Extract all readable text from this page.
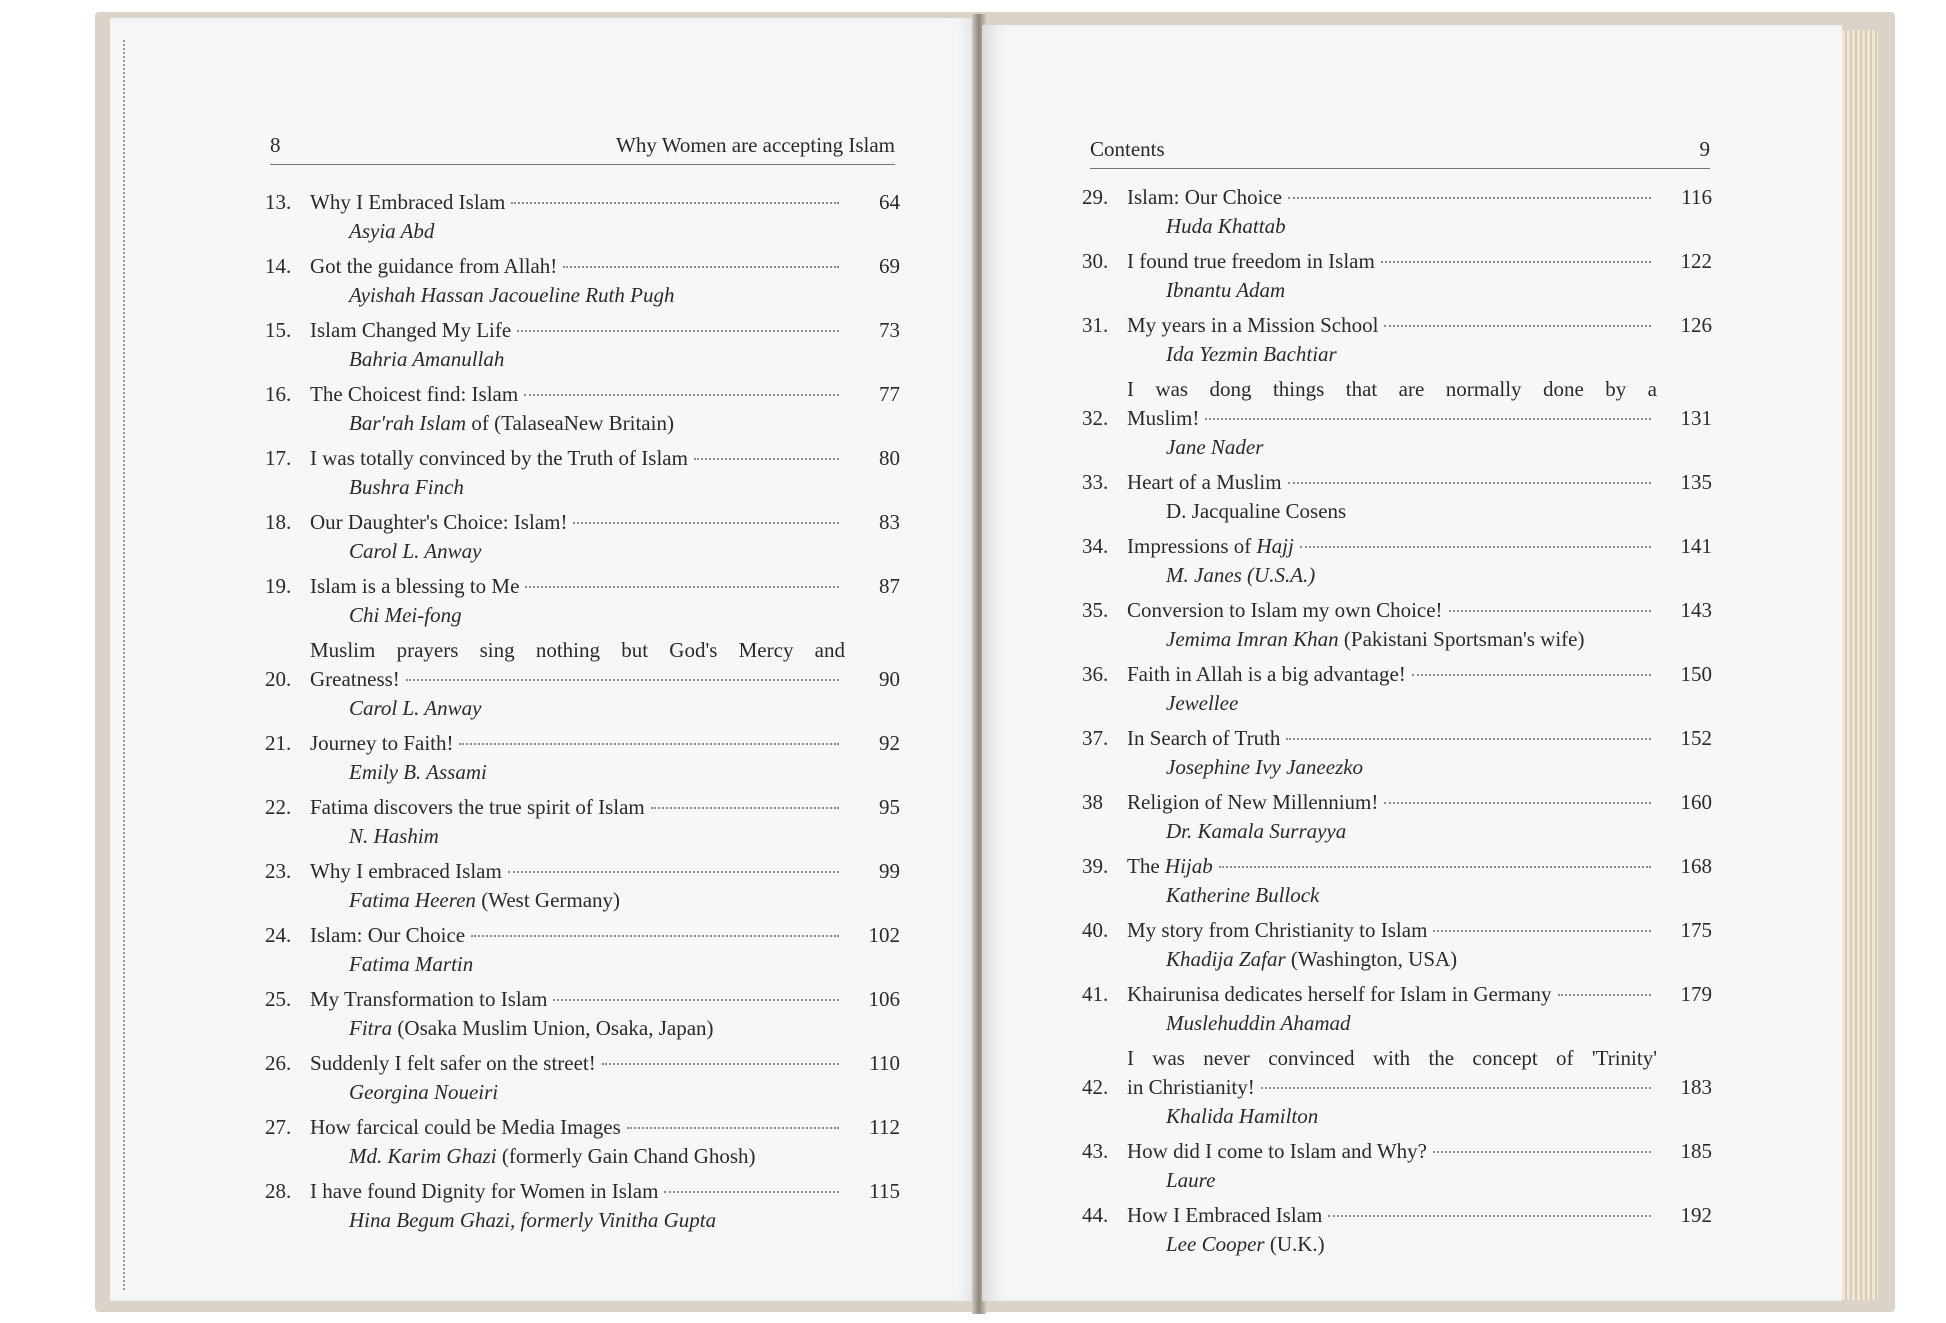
8	Why Women are accepting Islam
13. Why I Embraced Islam	64
Asyia Abd
14. Got the guidance from Allah!	69
Ayishah Hassan Jacoueline Ruth Pugh
15. Islam Changed My Life	73
Bahria Amanullah
16. The Choicest find: Islam	77
Bar'rah Islam of (TalaseaNew Britain)
17. I was totally convinced by the Truth of Islam	80
Bushra Finch
18. Our Daughter's Choice: Islam!	83
Carol L. Anway
19. Islam is a blessing to Me	87
Chi Mei-fong
20.
Muslim prayers sing nothing but God's Mercy and
Greatness!	90
Carol L. Anway
21. Journey to Faith!	92
Emily B. Assami
22. Fatima discovers the true spirit of Islam	95
N. Hashim
23. Why I embraced Islam	99
Fatima Heeren (West Germany)
24. Islam: Our Choice	102
Fatima Martin
25. My Transformation to Islam	106
Fitra (Osaka Muslim Union, Osaka, Japan)
26. Suddenly I felt safer on the street!	110
Georgina Noueiri
27. How farcical could be Media Images	112
Md. Karim Ghazi (formerly Gain Chand Ghosh)
28. I have found Dignity for Women in Islam	115
Hina Begum Ghazi, formerly Vinitha Gupta
Contents	9
29. Islam: Our Choice	116
Huda Khattab
30. I found true freedom in Islam	122
Ibnantu Adam
31. My years in a Mission School	126
Ida Yezmin Bachtiar
32.
I was dong things that are normally done by a
Muslim!	131
Jane Nader
33. Heart of a Muslim	135
D. Jacqualine Cosens
34. Impressions of Hajj	141
M. Janes (U.S.A.)
35. Conversion to Islam my own Choice!	143
Jemima Imran Khan (Pakistani Sportsman's wife)
36. Faith in Allah is a big advantage!	150
Jewellee
37. In Search of Truth	152
Josephine Ivy Janeezko
38	Religion of New Millennium!	160
Dr. Kamala Surrayya
39. The Hijab	168
Katherine Bullock
40. My story from Christianity to Islam	175
Khadija Zafar (Washington, USA)
41. Khairunisa dedicates herself for Islam in Germany	179
Muslehuddin Ahamad
42.
I was never convinced with the concept of 'Trinity'
in Christianity!	183
Khalida Hamilton
43. How did I come to Islam and Why?	185
Laure
44. How I Embraced Islam	192
Lee Cooper (U.K.)
